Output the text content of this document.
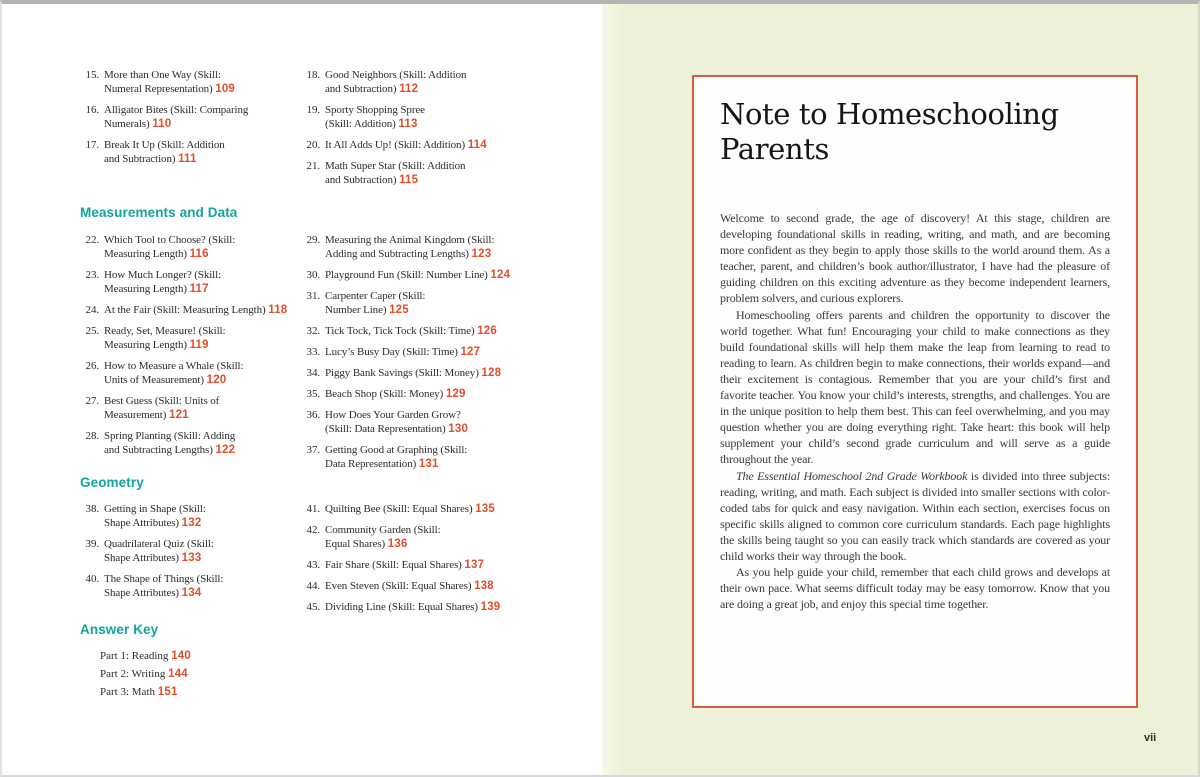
Measurements and Data
Geometry
Answer Key
15. More than One Way (Skill:
Numeral Representation) 109
16. Alligator Bites (Skill: Comparing
Numerals) 110
17. Break It Up (Skill: Addition
and Subtraction) 111
18. Good Neighbors (Skill: Addition
and Subtraction) 112
19. Sporty Shopping Spree
(Skill: Addition) 113
20. It All Adds Up! (Skill: Addition) 114
21. Math Super Star (Skill: Addition
and Subtraction) 115
22. Which Tool to Choose? (Skill:
Measuring Length) 116
23. How Much Longer? (Skill:
Measuring Length) 117
24. At the Fair (Skill: Measuring Length) 118
25. Ready, Set, Measure! (Skill:
Measuring Length) 119
26. How to Measure a Whale (Skill:
Units of Measurement) 120
27. Best Guess (Skill: Units of
Measurement) 121
28. Spring Planting (Skill: Adding
and Subtracting Lengths) 122
29. Measuring the Animal Kingdom (Skill:
Adding and Subtracting Lengths) 123
30. Playground Fun (Skill: Number Line) 124
31. Carpenter Caper (Skill:
Number Line) 125
32. Tick Tock, Tick Tock (Skill: Time) 126
33. Lucy’s Busy Day (Skill: Time) 127
34. Piggy Bank Savings (Skill: Money) 128
35. Beach Shop (Skill: Money) 129
36. How Does Your Garden Grow?
(Skill: Data Representation) 130
37. Getting Good at Graphing (Skill:
Data Representation) 131
38. Getting in Shape (Skill:
Shape Attributes) 132
39. Quadrilateral Quiz (Skill:
Shape Attributes) 133
40. The Shape of Things (Skill:
Shape Attributes) 134
41. Quilting Bee (Skill: Equal Shares) 135
42. Community Garden (Skill:
Equal Shares) 136
43. Fair Share (Skill: Equal Shares) 137
44. Even Steven (Skill: Equal Shares) 138
45. Dividing Line (Skill: Equal Shares) 139
Part 1: Reading 140
Part 2: Writing 144
Part 3: Math 151
Note to Homeschooling Parents

Welcome to second grade, the age of discovery! At this stage, children are developing foundational skills in reading, writing, and math, and are becoming more confident as they begin to apply those skills to the world around them. As a teacher, parent, and children’s book author/illustrator, I have had the pleasure of guiding children on this exciting adventure as they become independent learners, problem solvers, and curious explorers.

Homeschooling offers parents and children the opportunity to discover the world together. What fun! Encouraging your child to make connections as they build foundational skills will help them make the leap from learning to read to reading to learn. As children begin to make connections, their worlds expand—and their excitement is contagious. Remember that you are your child’s first and favorite teacher. You know your child’s interests, strengths, and challenges. You are in the unique position to help them best. This can feel overwhelming, and you may question whether you are doing everything right. Take heart: this book will help supplement your child’s second grade curriculum and will serve as a guide throughout the year.

The Essential Homeschool 2nd Grade Workbook is divided into three subjects: reading, writing, and math. Each subject is divided into smaller sections with color-coded tabs for quick and easy navigation. Within each section, exercises focus on specific skills aligned to common core curriculum standards. Each page highlights the skills being taught so you can easily track which standards are covered as your child works their way through the book.

As you help guide your child, remember that each child grows and develops at their own pace. What seems difficult today may be easy tomorrow. Know that you are doing a great job, and enjoy this special time together.

vii
